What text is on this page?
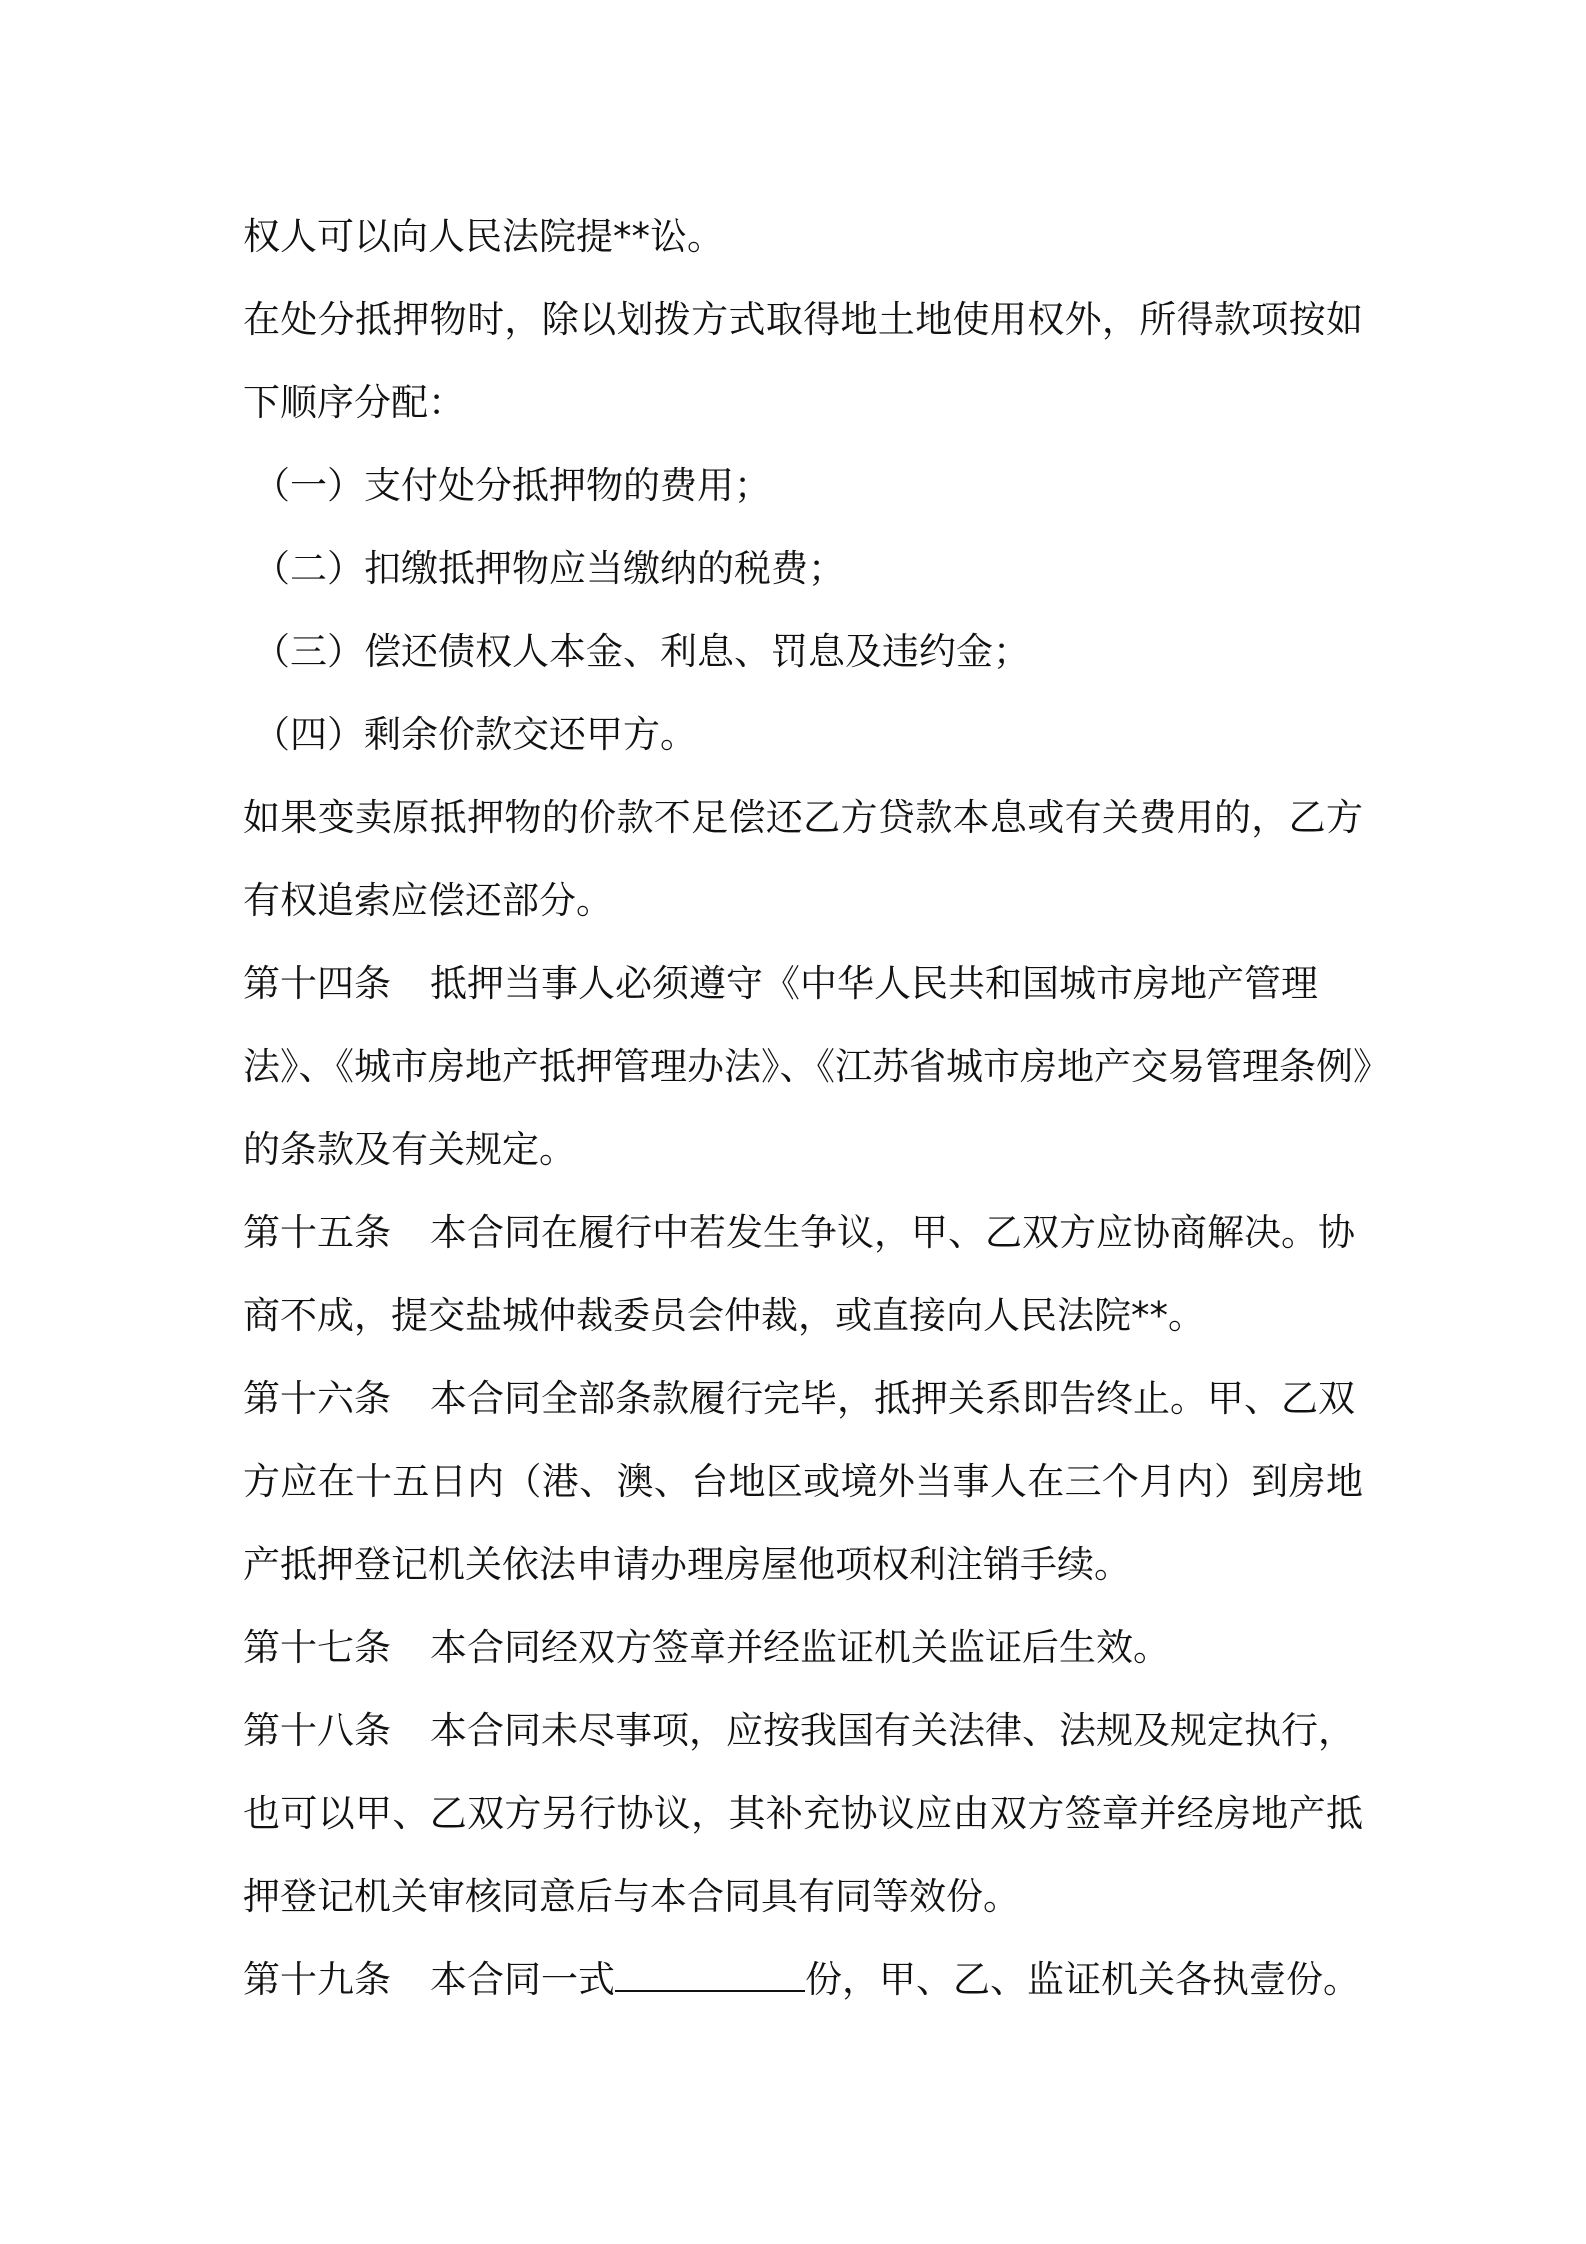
权人可以向人民法院提**讼。
在处分抵押物时，除以划拨方式取得地土地使用权外，所得款项按如
下顺序分配：
（一）支付处分抵押物的费用；
（二）扣缴抵押物应当缴纳的税费；
（三）偿还债权人本金、利息、罚息及违约金；
（四）剩余价款交还甲方。
如果变卖原抵押物的价款不足偿还乙方贷款本息或有关费用的，乙方
有权追索应偿还部分。
第十四条 抵押当事人必须遵守《中华人民共和国城市房地产管理
法》、《城市房地产抵押管理办法》、《江苏省城市房地产交易管理条例》
的条款及有关规定。
第十五条 本合同在履行中若发生争议，甲、乙双方应协商解决。协
商不成，提交盐城仲裁委员会仲裁，或直接向人民法院**。
第十六条 本合同全部条款履行完毕，抵押关系即告终止。甲、乙双
方应在十五日内（港、澳、台地区或境外当事人在三个月内）到房地
产抵押登记机关依法申请办理房屋他项权利注销手续。
第十七条 本合同经双方签章并经监证机关监证后生效。
第十八条 本合同未尽事项，应按我国有关法律、法规及规定执行，
也可以甲、乙双方另行协议，其补充协议应由双方签章并经房地产抵
押登记机关审核同意后与本合同具有同等效份。
第十九条 本合同一式	份，甲、乙、监证机关各执壹份。
